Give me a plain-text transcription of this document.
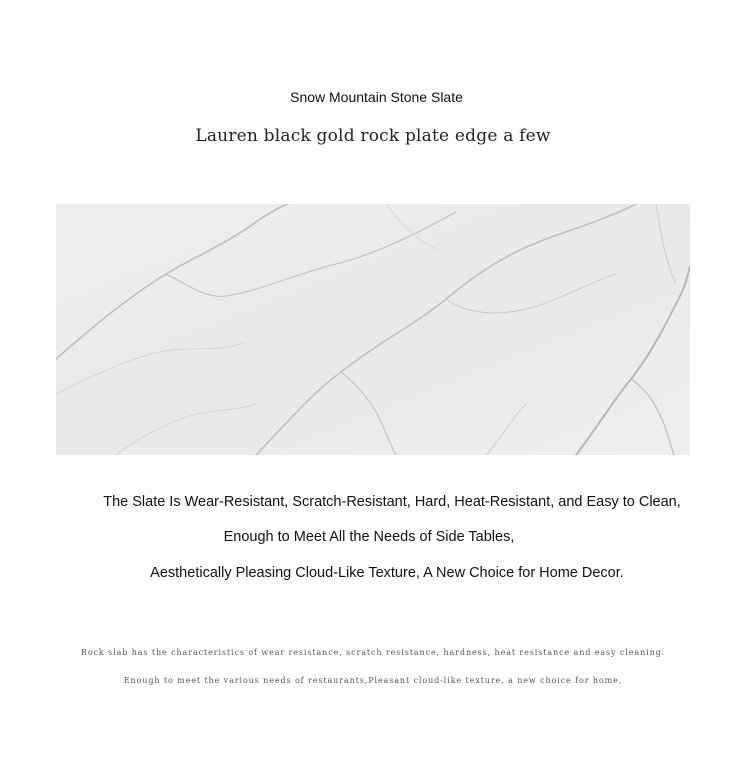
Snow Mountain Stone Slate
Lauren black gold rock plate edge a few
The Slate Is Wear-Resistant, Scratch-Resistant, Hard, Heat-Resistant, and Easy to Clean,
Enough to Meet All the Needs of Side Tables,
Aesthetically Pleasing Cloud-Like Texture, A New Choice for Home Decor.
Rock slab has the characteristics of wear resistance, scratch resistance, hardness, heat resistance and easy cleaning.
Enough to meet the various needs of restaurants,Pleasant cloud-like texture, a new choice for home,
